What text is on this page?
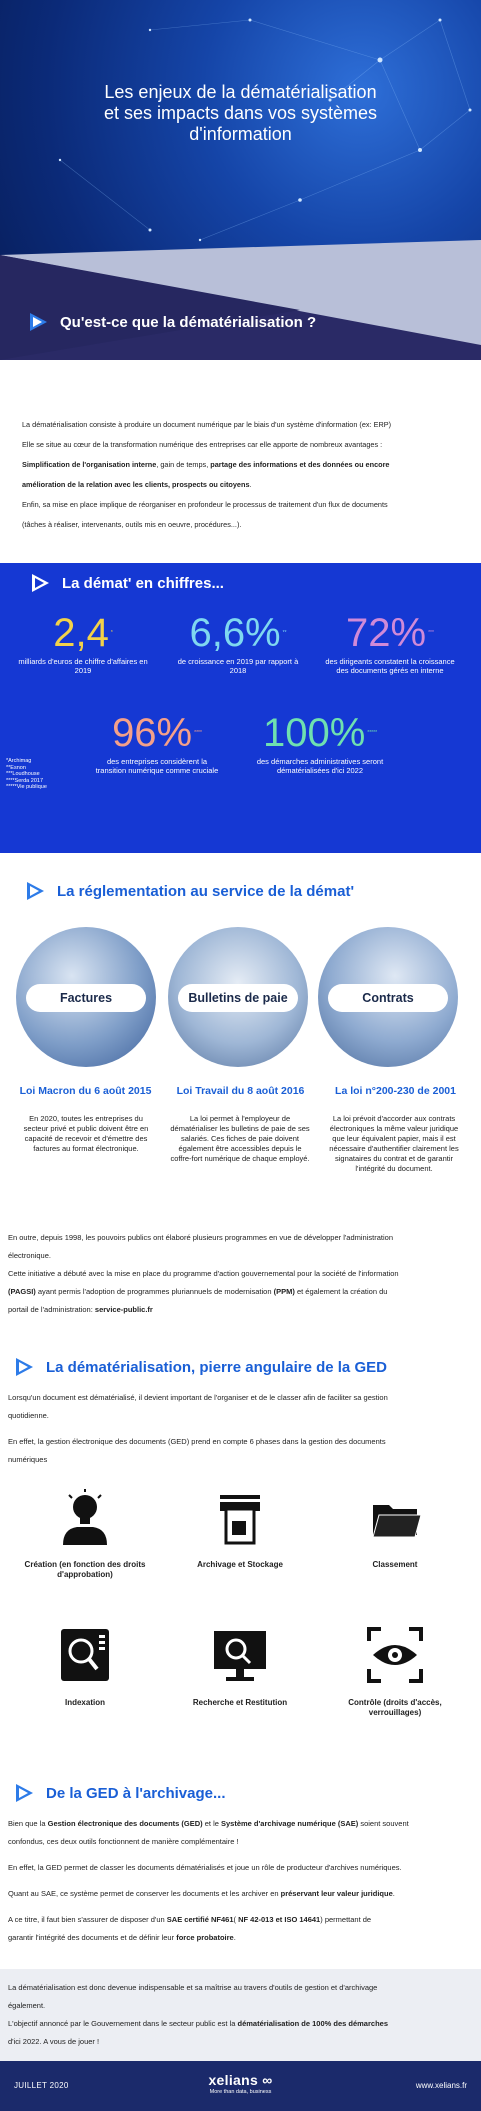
Les enjeux de la dématérialisation
et ses impacts dans vos systèmes
d'information
Qu'est-ce que la dématérialisation ?

La dématérialisation consiste à produire un document numérique par le biais d'un système d'information (ex: ERP)

Elle se situe au cœur de la transformation numérique des entreprises car elle apporte de nombreux avantages :

Simplification de l'organisation interne, gain de temps, partage des informations et des données ou encore

amélioration de la relation avec les clients, prospects ou citoyens.

Enfin, sa mise en place implique de réorganiser en profondeur le processus de traitement d'un flux de documents

(tâches à réaliser, intervenants, outils mis en oeuvre, procédures...).

La démat' en chiffres...
2,4 *
milliards d'euros de chiffre d'affaires en 2019
6,6% **
de croissance en 2019 par rapport à 2018
72% ***
des dirigeants constatent la croissance des documents gérés en interne
96% ****
des entreprises considèrent la transition numérique comme cruciale
100% *****
des démarches administratives seront dématérialisées d'ici 2022
*Archimag
**Esnon
***Loudhouse
****Serda 2017
*****Vie publique
La réglementation au service de la démat'
Factures	Bulletins de paie	Contrats
Loi Macron du 6 août 2015	Loi Travail du 8 août 2016	La loi n°200-230 de 2001
En 2020, toutes les entreprises du secteur privé et public doivent être en capacité de recevoir et d'émettre des factures au format électronique.
La loi permet à l'employeur de dématérialiser les bulletins de paie de ses salariés. Ces fiches de paie doivent également être accessibles depuis le coffre-fort numérique de chaque employé.
La loi prévoit d'accorder aux contrats électroniques la même valeur juridique que leur équivalent papier, mais il est nécessaire d'authentifier clairement les signataires du contrat et de garantir l'intégrité du document.
En outre, depuis 1998, les pouvoirs publics ont élaboré plusieurs programmes en vue de développer l'administration
électronique.
Cette initiative a débuté avec la mise en place du programme d'action gouvernemental pour la société de l'information
(PAGSI) ayant permis l'adoption de programmes pluriannuels de modernisation (PPM) et également la création du
portail de l'administration: service-public.fr
La dématérialisation, pierre angulaire de la GED

Lorsqu'un document est dématérialisé, il devient important de l'organiser et de le classer afin de faciliter sa gestion
quotidienne.

En effet, la gestion électronique des documents (GED) prend en compte 6 phases dans la gestion des documents
numériques

Création (en fonction des droits d'approbation)
Archivage et Stockage	Classement
Indexation	Recherche et Restitution	Contrôle (droits d'accès, verrouillages)
De la GED à l'archivage...

Bien que la Gestion électronique des documents (GED) et le Système d'archivage numérique (SAE) soient souvent
confondus, ces deux outils fonctionnent de manière complémentaire !

En effet, la GED permet de classer les documents dématérialisés et joue un rôle de producteur d'archives numériques.

Quant au SAE, ce système permet de conserver les documents et les archiver en préservant leur valeur juridique.

A ce titre, il faut bien s'assurer de disposer d'un SAE certifié NF461( NF 42-013 et ISO 14641) permettant de
garantir l'intégrité des documents et de définir leur force probatoire.

La dématérialisation est donc devenue indispensable et sa maîtrise au travers d'outils de gestion et d'archivage
également.
L'objectif annoncé par le Gouvernement dans le secteur public est la dématérialisation de 100% des démarches
d'ici 2022. A vous de jouer !
JUILLET 2020	xelians ∞
More than data, business
www.xelians.fr
